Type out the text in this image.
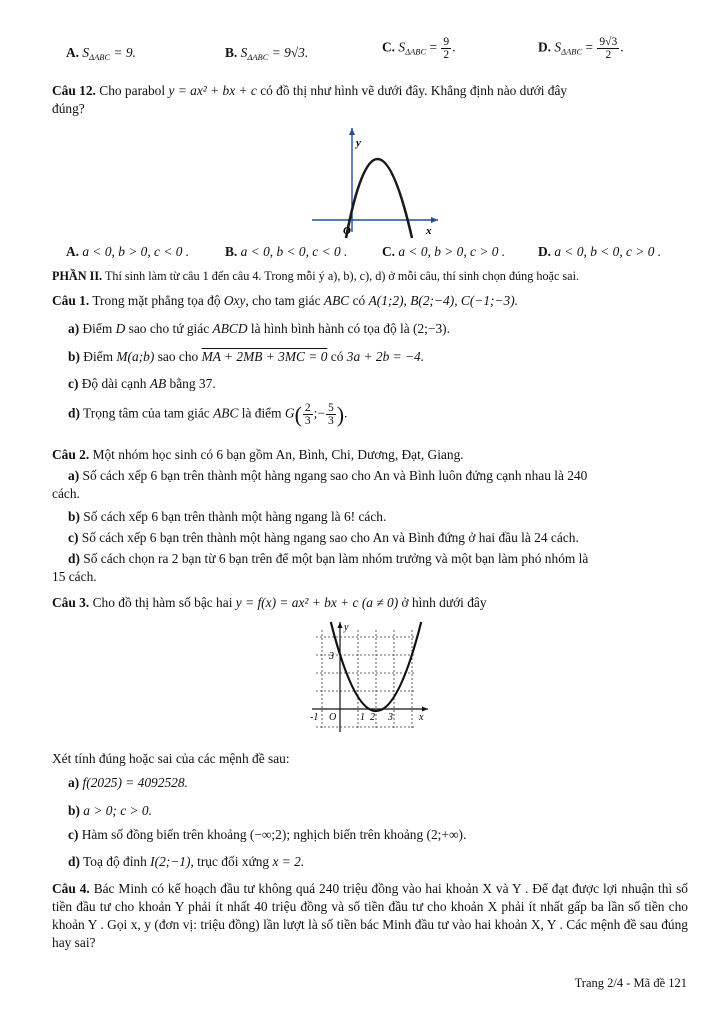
A. $S_{\Delta ABC} = 9$.	B. $S_{\Delta ABC} = 9√3$.	C. $S_{\Delta ABC} = \frac{9}{2}$ .	D. $S_{\Delta ABC} = \frac{9√3}{2}$ .
Câu 12. Cho parabol y = ax² + bx + c có đồ thị như hình vẽ dưới đây. Khẳng định nào dưới đây
đúng?
y
O	x
A. a < 0, b > 0, c < 0 .	B. a < 0, b < 0, c < 0 .	C. a < 0, b > 0, c > 0 . D. a < 0, b < 0, c > 0 .
PHẦN II. Thí sinh làm từ câu 1 đến câu 4. Trong mỗi ý a), b), c), d) ở mỗi câu, thí sinh chọn đúng hoặc sai.
Câu 1. Trong mặt phẳng tọa độ Oxy, cho tam giác ABC có A(1;2), B(2;−4), C(−1;−3).
a) Điểm D sao cho tứ giác ABCD là hình bình hành có tọa độ là (2;−3).
b) Điểm M(a;b) sao cho MA + 2MB + 3MC = 0 có 3a + 2b = −4.
c) Độ dài cạnh AB bằng 37.
d) Trọng tâm của tam giác ABC là điểm $G( \frac{2}{3}$ ;− $\frac{5}{3}$ ).
Câu 2. Một nhóm học sinh có 6 bạn gồm An, Bình, Chi, Dương, Đạt, Giang.
a) Số cách xếp 6 bạn trên thành một hàng ngang sao cho An và Bình luôn đứng cạnh nhau là 240
cách.
b) Số cách xếp 6 bạn trên thành một hàng ngang là 6! cách.
c) Số cách xếp 6 bạn trên thành một hàng ngang sao cho An và Bình đứng ở hai đầu là 24 cách.
d) Số cách chọn ra 2 bạn từ 6 bạn trên để một bạn làm nhóm trưởng và một bạn làm phó nhóm là
15 cách.
Câu 3. Cho đồ thị hàm số bậc hai y = f(x) = ax² + bx + c (a ≠ 0) ở hình dưới đây
y
3
-1 O 1 2 3	x
Xét tính đúng hoặc sai của các mệnh đề sau:
a) f(2025) = 4092528.
b) a > 0; c > 0.
c) Hàm số đồng biến trên khoảng (−∞;2); nghịch biến trên khoảng (2;+∞).
d) Toạ độ đỉnh I(2;−1), trục đối xứng x = 2.
Câu 4. Bác Minh có kế hoạch đầu tư không quá 240 triệu đồng vào hai khoản X và Y . Để đạt được lợi nhuận thì số tiền đầu tư cho khoản Y phải ít nhất 40 triệu đồng và số tiền đầu tư cho khoản X phải ít nhất gấp ba lần số tiền cho khoản Y . Gọi x, y (đơn vị: triệu đồng) lần lượt là số tiền bác Minh đầu tư vào hai khoản X, Y . Các mệnh đề sau đúng hay sai?
Trang 2/4 - Mã đề 121
